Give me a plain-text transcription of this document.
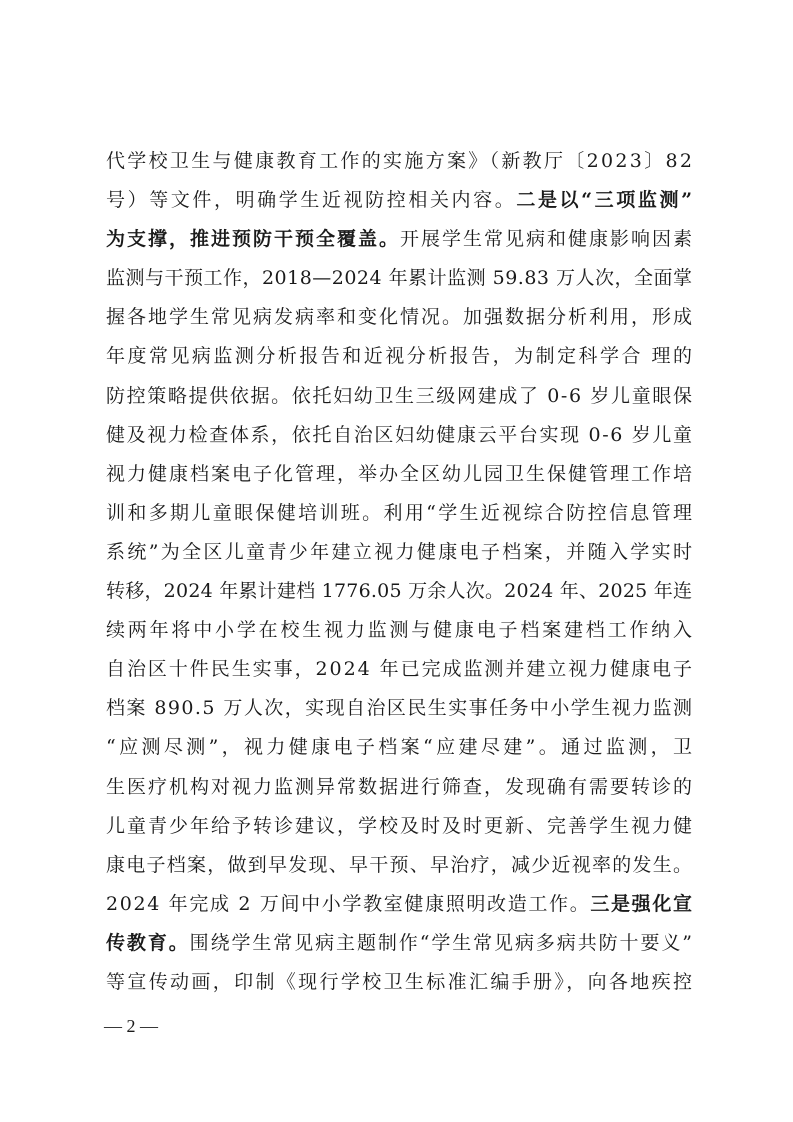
代学校卫生与健康教育工作的实施方案》（新教厅〔2023〕82
号）等文件，明确学生近视防控相关内容。二是以“三项监测”
为支撑，推进预防干预全覆盖。开展学生常见病和健康影响因素
监测与干预工作，2018—2024 年累计监测 59.83 万人次，全面掌
握各地学生常见病发病率和变化情况。加强数据分析利用，形成
年度常见病监测分析报告和近视分析报告，为制定科学合 理的
防控策略提供依据。依托妇幼卫生三级网建成了 0-6 岁儿童眼保
健及视力检查体系，依托自治区妇幼健康云平台实现 0-6 岁儿童
视力健康档案电子化管理，举办全区幼儿园卫生保健管理工作培
训和多期儿童眼保健培训班。利用“学生近视综合防控信息管理
系统”为全区儿童青少年建立视力健康电子档案，并随入学实时
转移，2024 年累计建档 1776.05 万余人次。2024 年、2025 年连
续两年将中小学在校生视力监测与健康电子档案建档工作纳入
自治区十件民生实事，2024 年已完成监测并建立视力健康电子
档案 890.5 万人次，实现自治区民生实事任务中小学生视力监测
“应测尽测”，视力健康电子档案“应建尽建”。通过监测，卫
生医疗机构对视力监测异常数据进行筛查，发现确有需要转诊的
儿童青少年给予转诊建议，学校及时及时更新、完善学生视力健
康电子档案，做到早发现、早干预、早治疗，减少近视率的发生。
2024 年完成 2 万间中小学教室健康照明改造工作。三是强化宣
传教育。围绕学生常见病主题制作“学生常见病多病共防十要义”
等宣传动画，印制《现行学校卫生标准汇编手册》，向各地疾控
— 2 —
